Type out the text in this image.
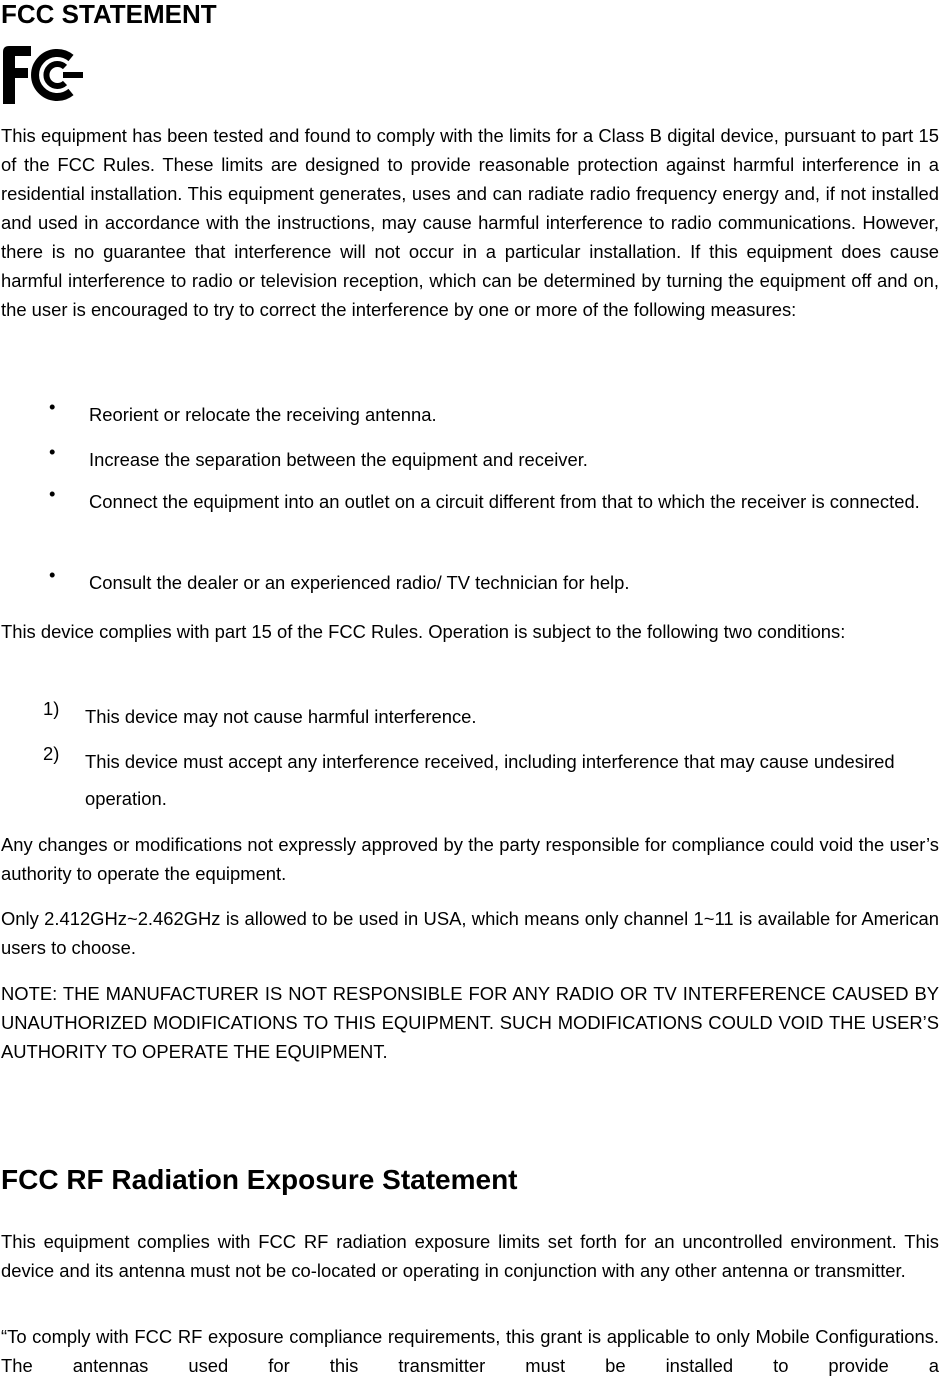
FCC STATEMENT

This equipment has been tested and found to comply with the limits for a Class B digital device, pursuant to part 15 of the FCC Rules. These limits are designed to provide reasonable protection against harmful interference in a residential installation. This equipment generates, uses and can radiate radio frequency energy and, if not installed and used in accordance with the instructions, may cause harmful interference to radio communications. However, there is no guarantee that interference will not occur in a particular installation. If this equipment does cause harmful interference to radio or television reception, which can be determined by turning the equipment off and on, the user is encouraged to try to correct the interference by one or more of the following measures:

• Reorient or relocate the receiving antenna.
• Increase the separation between the equipment and receiver.
• Connect the equipment into an outlet on a circuit different from that to which the receiver is connected.
• Consult the dealer or an experienced radio/ TV technician for help.

This device complies with part 15 of the FCC Rules. Operation is subject to the following two conditions:

1) This device may not cause harmful interference.
2) This device must accept any interference received, including interference that may cause undesired operation.

Any changes or modifications not expressly approved by the party responsible for compliance could void the user’s authority to operate the equipment.

Only 2.412GHz~2.462GHz is allowed to be used in USA, which means only channel 1~11 is available for American users to choose.

NOTE: THE MANUFACTURER IS NOT RESPONSIBLE FOR ANY RADIO OR TV INTERFERENCE CAUSED BY UNAUTHORIZED MODIFICATIONS TO THIS EQUIPMENT. SUCH MODIFICATIONS COULD VOID THE USER’S AUTHORITY TO OPERATE THE EQUIPMENT.

FCC RF Radiation Exposure Statement

This equipment complies with FCC RF radiation exposure limits set forth for an uncontrolled environment. This device and its antenna must not be co-located or operating in conjunction with any other antenna or transmitter.

“To comply with FCC RF exposure compliance requirements, this grant is applicable to only Mobile Configurations. The antennas used for this transmitter must be installed to provide a
